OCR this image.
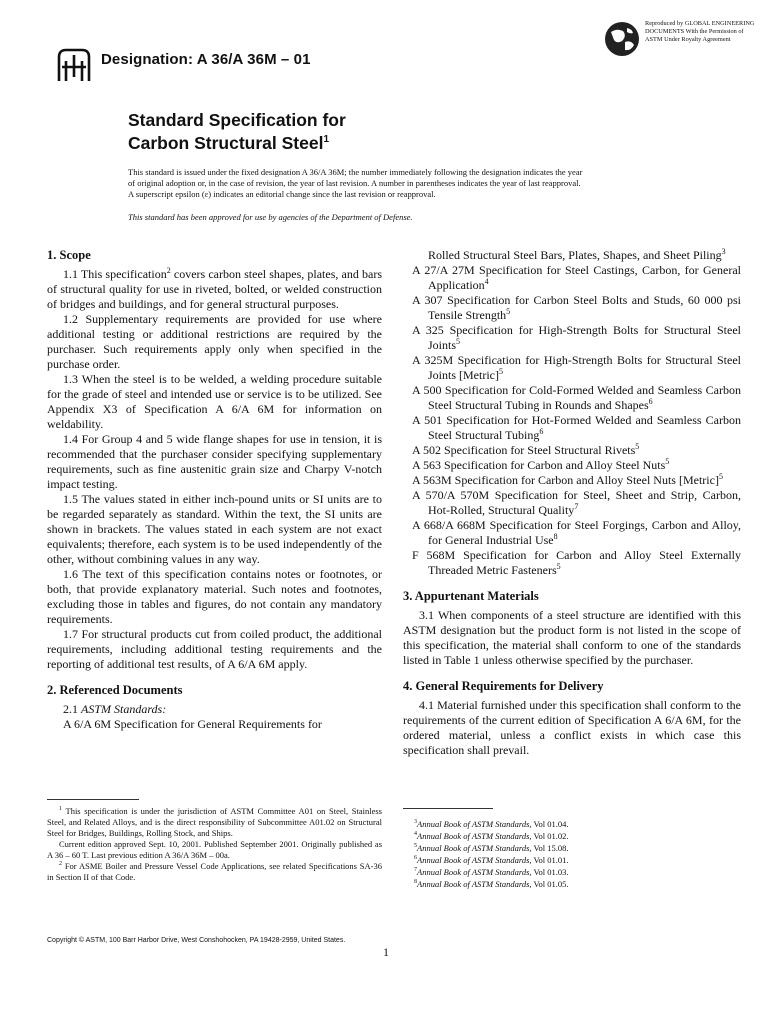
Designation: A 36/A 36M – 01
Reproduced by GLOBAL ENGINEERING
DOCUMENTS With the Permission of
ASTM Under Royalty Agreement
Standard Specification for
Carbon Structural Steel$^1$
This standard is issued under the fixed designation A 36/A 36M; the number immediately following the designation indicates the year
of original adoption or, in the case of revision, the year of last revision. A number in parentheses indicates the year of last reapproval.
A superscript epsilon (ε) indicates an editorial change since the last revision or reapproval.
This standard has been approved for use by agencies of the Department of Defense.
1. Scope

1.1 This specification$^2$ covers carbon steel shapes, plates, and bars of structural quality for use in riveted, bolted, or welded construction of bridges and buildings, and for general structural purposes.

1.2 Supplementary requirements are provided for use where additional testing or additional restrictions are required by the purchaser. Such requirements apply only when specified in the purchase order.

1.3 When the steel is to be welded, a welding procedure suitable for the grade of steel and intended use or service is to be utilized. See Appendix X3 of Specification A 6/A 6M for information on weldability.

1.4 For Group 4 and 5 wide flange shapes for use in tension, it is recommended that the purchaser consider specifying supplementary requirements, such as fine austenitic grain size and Charpy V-notch impact testing.

1.5 The values stated in either inch-pound units or SI units are to be regarded separately as standard. Within the text, the SI units are shown in brackets. The values stated in each system are not exact equivalents; therefore, each system is to be used independently of the other, without combining values in any way.

1.6 The text of this specification contains notes or footnotes, or both, that provide explanatory material. Such notes and footnotes, excluding those in tables and figures, do not contain any mandatory requirements.

1.7 For structural products cut from coiled product, the additional requirements, including additional testing requirements and the reporting of additional test results, of A 6/A 6M apply.

2. Referenced Documents

2.1 ASTM Standards:

A 6/A 6M Specification for General Requirements for

Rolled Structural Steel Bars, Plates, Shapes, and Sheet Piling$^3$
A 27/A 27M Specification for Steel Castings, Carbon, for General Application$^4$
A 307 Specification for Carbon Steel Bolts and Studs, 60 000 psi Tensile Strength$^5$
A 325 Specification for High-Strength Bolts for Structural Steel Joints$^5$
A 325M Specification for High-Strength Bolts for Structural Steel Joints [Metric]$^5$
A 500 Specification for Cold-Formed Welded and Seamless Carbon Steel Structural Tubing in Rounds and Shapes$^6$
A 501 Specification for Hot-Formed Welded and Seamless Carbon Steel Structural Tubing$^6$
A 502 Specification for Steel Structural Rivets$^5$
A 563 Specification for Carbon and Alloy Steel Nuts$^5$
A 563M Specification for Carbon and Alloy Steel Nuts [Metric]$^5$
A 570/A 570M Specification for Steel, Sheet and Strip, Carbon, Hot-Rolled, Structural Quality$^7$
A 668/A 668M Specification for Steel Forgings, Carbon and Alloy, for General Industrial Use$^8$
F 568M Specification for Carbon and Alloy Steel Externally Threaded Metric Fasteners$^5$
3. Appurtenant Materials

3.1 When components of a steel structure are identified with this ASTM designation but the product form is not listed in the scope of this specification, the material shall conform to one of the standards listed in Table 1 unless otherwise specified by the purchaser.

4. General Requirements for Delivery

4.1 Material furnished under this specification shall conform to the requirements of the current edition of Specification A 6/A 6M, for the ordered material, unless a conflict exists in which case this specification shall prevail.

$^1$ This specification is under the jurisdiction of ASTM Committee A01 on Steel, Stainless Steel, and Related Alloys, and is the direct responsibility of Subcommittee A01.02 on Structural Steel for Bridges, Buildings, Rolling Stock, and Ships.

Current edition approved Sept. 10, 2001. Published September 2001. Originally published as A 36 – 60 T. Last previous edition A 36/A 36M – 00a.

$^2$ For ASME Boiler and Pressure Vessel Code Applications, see related Specifications SA-36 in Section II of that Code.

$^3$Annual Book of ASTM Standards, Vol 01.04.
$^4$Annual Book of ASTM Standards, Vol 01.02.
$^5$Annual Book of ASTM Standards, Vol 15.08.
$^6$Annual Book of ASTM Standards, Vol 01.01.
$^7$Annual Book of ASTM Standards, Vol 01.03.
$^8$Annual Book of ASTM Standards, Vol 01.05.
Copyright © ASTM, 100 Barr Harbor Drive, West Conshohocken, PA 19428-2959, United States.
1
